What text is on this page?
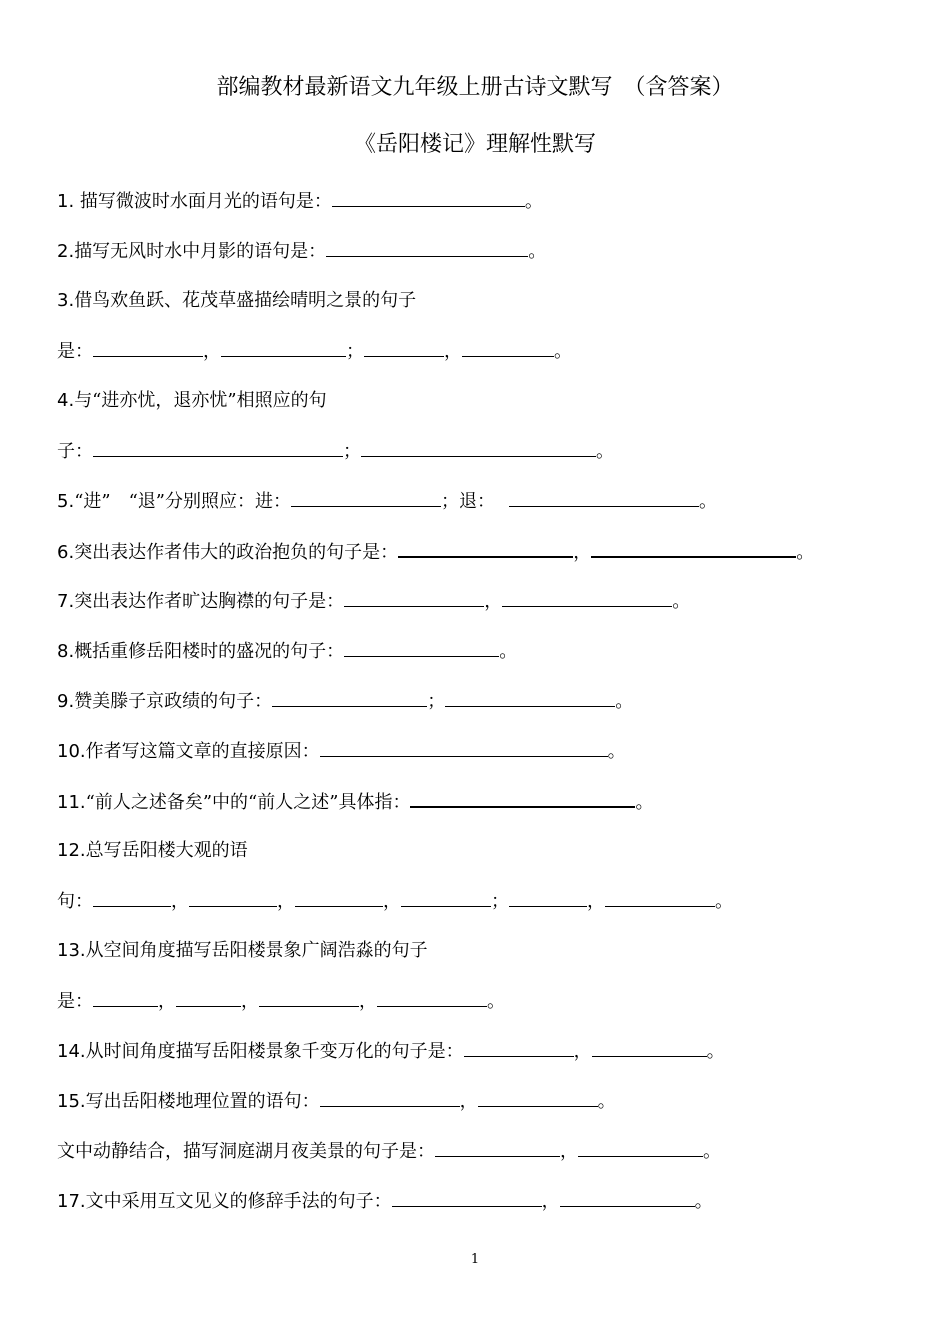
部编教材最新语文九年级上册古诗文默写　（含答案）
《岳阳楼记》理解性默写
1. 描写微波时水面月光的语句是：	。
2.描写无风时水中月影的语句是：	。
3.借鸟欢鱼跃、花茂草盛描绘晴明之景的句子
是：	，	；	，	。
4.与“进亦忧，退亦忧”相照应的句
子：	；	。
5.“进”　“退”分别照应：进：	；退：	。
6.突出表达作者伟大的政治抱负的句子是：	，	。
7.突出表达作者旷达胸襟的句子是：	，	。
8.概括重修岳阳楼时的盛况的句子：	。
9.赞美滕子京政绩的句子：	；	。
10.作者写这篇文章的直接原因：	。
11.“前人之述备矣”中的“前人之述”具体指：	。
12.总写岳阳楼大观的语
句：	，	，	，	；	，	。
13.从空间角度描写岳阳楼景象广阔浩淼的句子
是：	，	，	，	。
14.从时间角度描写岳阳楼景象千变万化的句子是：	，	。
15.写出岳阳楼地理位置的语句：	，	。
文中动静结合，描写洞庭湖月夜美景的句子是：	，	。
17.文中采用互文见义的修辞手法的句子：	，	。
1
